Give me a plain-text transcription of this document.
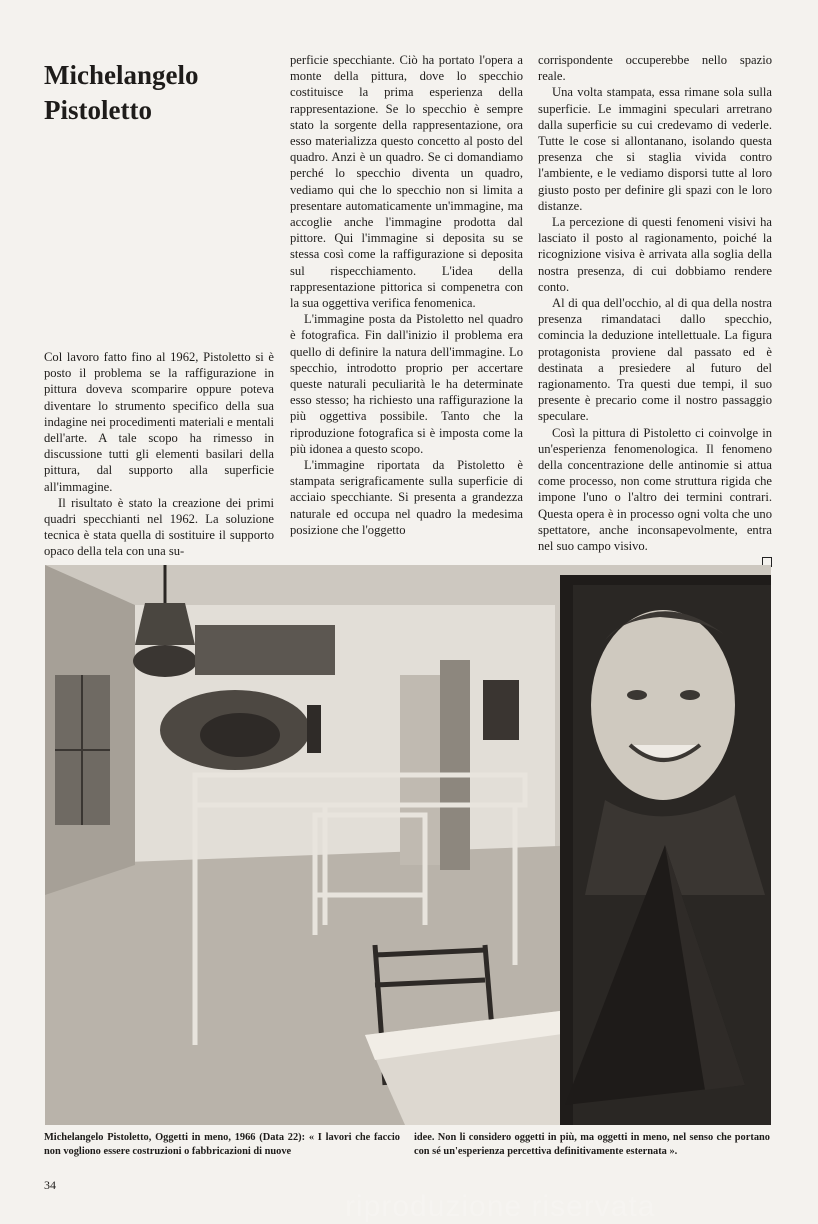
Michelangelo Pistoletto

Col lavoro fatto fino al 1962, Pistoletto si è posto il problema se la raffigurazione in pittura doveva scomparire oppure poteva diventare lo strumento specifico della sua indagine nei procedimenti materiali e mentali dell'arte. A tale scopo ha rimesso in discussione tutti gli elementi basilari della pittura, dal supporto alla superficie all'immagine.

Il risultato è stato la creazione dei primi quadri specchianti nel 1962. La soluzione tecnica è stata quella di sostituire il supporto opaco della tela con una su-

perficie specchiante. Ciò ha portato l'opera a monte della pittura, dove lo specchio costituisce la prima esperienza della rappresentazione. Se lo specchio è sempre stato la sorgente della rappresentazione, ora esso materializza questo concetto al posto del quadro. Anzi è un quadro. Se ci domandiamo perché lo specchio diventa un quadro, vediamo qui che lo specchio non si limita a presentare automaticamente un'immagine, ma accoglie anche l'immagine prodotta dal pittore. Qui l'immagine si deposita su se stessa così come la raffigurazione si deposita sul rispecchiamento. L'idea della rappresentazione pittorica si compenetra con la sua oggettiva verifica fenomenica.

L'immagine posta da Pistoletto nel quadro è fotografica. Fin dall'inizio il problema era quello di definire la natura dell'immagine. Lo specchio, introdotto proprio per accertare queste naturali peculiarità le ha determinate esso stesso; ha richiesto una raffigurazione la più oggettiva possibile. Tanto che la riproduzione fotografica si è imposta come la più idonea a questo scopo.

L'immagine riportata da Pistoletto è stampata serigraficamente sulla superficie di acciaio specchiante. Si presenta a grandezza naturale ed occupa nel quadro la medesima posizione che l'oggetto

corrispondente occuperebbe nello spazio reale.

Una volta stampata, essa rimane sola sulla superficie. Le immagini speculari arretrano dalla superficie su cui credevamo di vederle. Tutte le cose si allontanano, isolando questa presenza che si staglia vivida contro l'ambiente, e le vediamo disporsi tutte al loro giusto posto per definire gli spazi con le loro distanze.

La percezione di questi fenomeni visivi ha lasciato il posto al ragionamento, poiché la ricognizione visiva è arrivata alla soglia della nostra presenza, di cui dobbiamo rendere conto.

Al di qua dell'occhio, al di qua della nostra presenza rimandataci dallo specchio, comincia la deduzione intellettuale. La figura protagonista proviene dal passato ed è destinata a presiedere al futuro del ragionamento. Tra questi due tempi, il suo presente è precario come il nostro passaggio speculare.

Così la pittura di Pistoletto ci coinvolge in un'esperienza fenomenologica. Il fenomeno della concentrazione delle antinomie si attua come processo, non come struttura rigida che impone l'uno o l'altro dei termini contrari. Questa opera è in processo ogni volta che uno spettatore, anche inconsapevolmente, entra nel suo campo visivo.

riproduzione riservata
Michelangelo Pistoletto, Oggetti in meno, 1966 (Data 22): « I lavori che faccio non vogliono essere costruzioni o fabbricazioni di nuove
idee. Non li considero oggetti in più, ma oggetti in meno, nel senso che portano con sé un'esperienza percettiva definitivamente esternata ».
34
